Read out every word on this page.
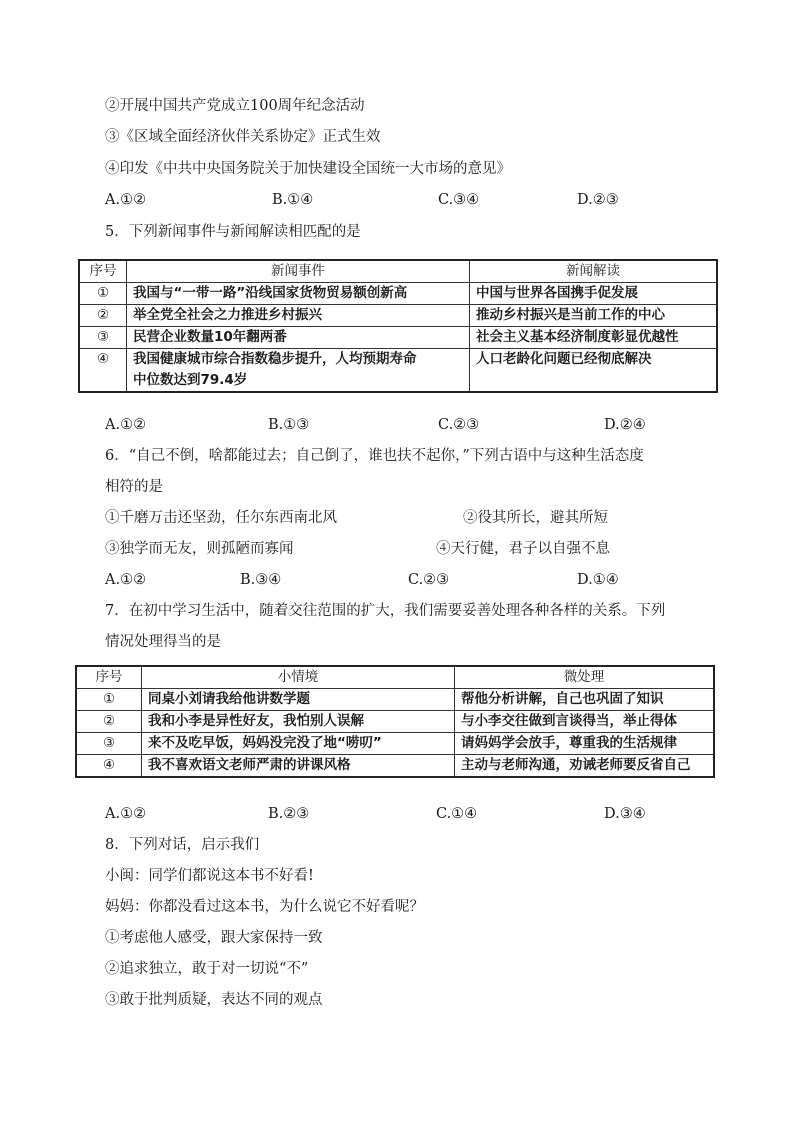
②开展中国共产党成立100周年纪念活动
③《区域全面经济伙伴关系协定》正式生效
④印发《中共中央国务院关于加快建设全国统一大市场的意见》
A.①②	B.①④	C.③④	D.②③
5．下列新闻事件与新闻解读相匹配的是
序号	新闻事件	新闻解读
①	我国与“一带一路”沿线国家货物贸易额创新高	中国与世界各国携手促发展
②	举全党全社会之力推进乡村振兴	推动乡村振兴是当前工作的中心
③	民营企业数量10年翻两番	社会主义基本经济制度彰显优越性
④	我国健康城市综合指数稳步提升，人均预期寿命
中位数达到79.4岁	人口老龄化问题已经彻底解决
A.①②	B.①③	C.②③	D.②④
6．“自己不倒，啥都能过去；自己倒了，谁也扶不起你，”下列古语中与这种生活态度
相符的是
①千磨万击还坚劲，任尔东西南北风	②役其所长，避其所短
③独学而无友，则孤陋而寡闻	④天行健，君子以自强不息
A.①②	B.③④	C.②③	D.①④
7．在初中学习生活中，随着交往范围的扩大，我们需要妥善处理各种各样的关系。下列
情况处理得当的是
序号	小情境	微处理
①	同桌小刘请我给他讲数学题	帮他分析讲解，自己也巩固了知识
②	我和小李是异性好友，我怕别人误解	与小李交往做到言谈得当，举止得体
③	来不及吃早饭，妈妈没完没了地“唠叨”	请妈妈学会放手，尊重我的生活规律
④	我不喜欢语文老师严肃的讲课风格	主动与老师沟通，劝诫老师要反省自己
A.①②	B.②③	C.①④	D.③④
8．下列对话，启示我们
小闽：同学们都说这本书不好看!
妈妈：你都没看过这本书，为什么说它不好看呢？
①考虑他人感受，跟大家保持一致
②追求独立，敢于对一切说“不”
③敢于批判质疑，表达不同的观点
